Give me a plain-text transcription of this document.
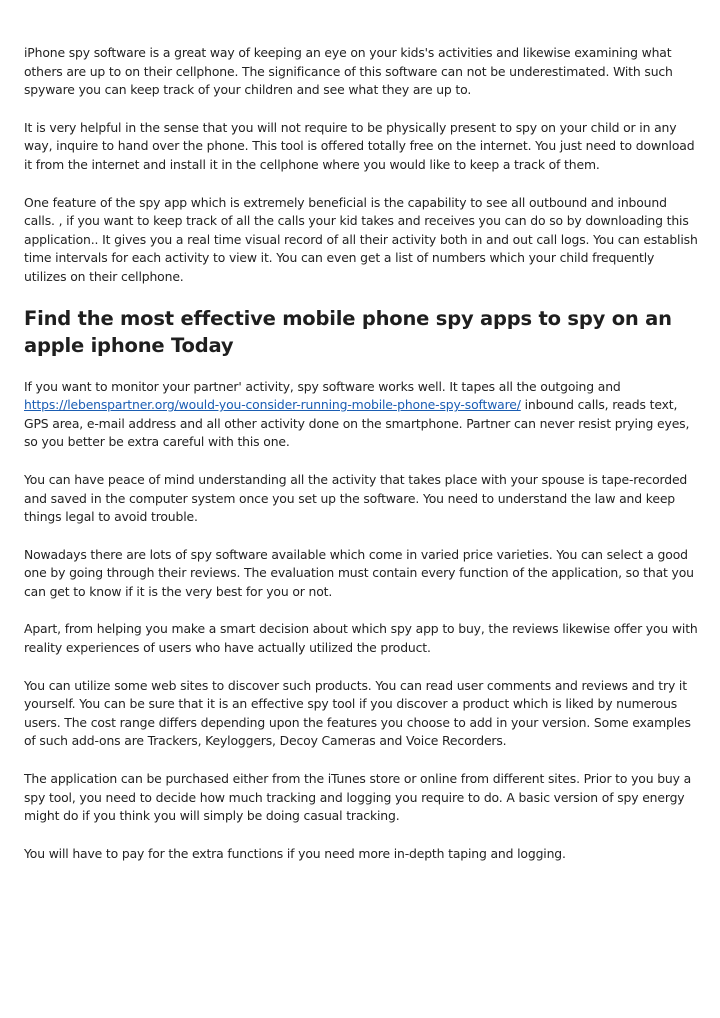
iPhone spy software is a great way of keeping an eye on your kids's activities and likewise examining what others are up to on their cellphone. The significance of this software can not be underestimated. With such spyware you can keep track of your children and see what they are up to.

It is very helpful in the sense that you will not require to be physically present to spy on your child or in any way, inquire to hand over the phone. This tool is offered totally free on the internet. You just need to download it from the internet and install it in the cellphone where you would like to keep a track of them.

One feature of the spy app which is extremely beneficial is the capability to see all outbound and inbound calls. , if you want to keep track of all the calls your kid takes and receives you can do so by downloading this application.. It gives you a real time visual record of all their activity both in and out call logs. You can establish time intervals for each activity to view it. You can even get a list of numbers which your child frequently utilizes on their cellphone.

Find the most effective mobile phone spy apps to spy on an apple iphone Today

If you want to monitor your partner' activity, spy software works well. It tapes all the outgoing and https://lebenspartner.org/would-you-consider-running-mobile-phone-spy-software/ inbound calls, reads text, GPS area, e-mail address and all other activity done on the smartphone. Partner can never resist prying eyes, so you better be extra careful with this one.

You can have peace of mind understanding all the activity that takes place with your spouse is tape-recorded and saved in the computer system once you set up the software. You need to understand the law and keep things legal to avoid trouble.

Nowadays there are lots of spy software available which come in varied price varieties. You can select a good one by going through their reviews. The evaluation must contain every function of the application, so that you can get to know if it is the very best for you or not.

Apart, from helping you make a smart decision about which spy app to buy, the reviews likewise offer you with reality experiences of users who have actually utilized the product.

You can utilize some web sites to discover such products. You can read user comments and reviews and try it yourself. You can be sure that it is an effective spy tool if you discover a product which is liked by numerous users. The cost range differs depending upon the features you choose to add in your version. Some examples of such add-ons are Trackers, Keyloggers, Decoy Cameras and Voice Recorders.

The application can be purchased either from the iTunes store or online from different sites. Prior to you buy a spy tool, you need to decide how much tracking and logging you require to do. A basic version of spy energy might do if you think you will simply be doing casual tracking.

You will have to pay for the extra functions if you need more in-depth taping and logging.
